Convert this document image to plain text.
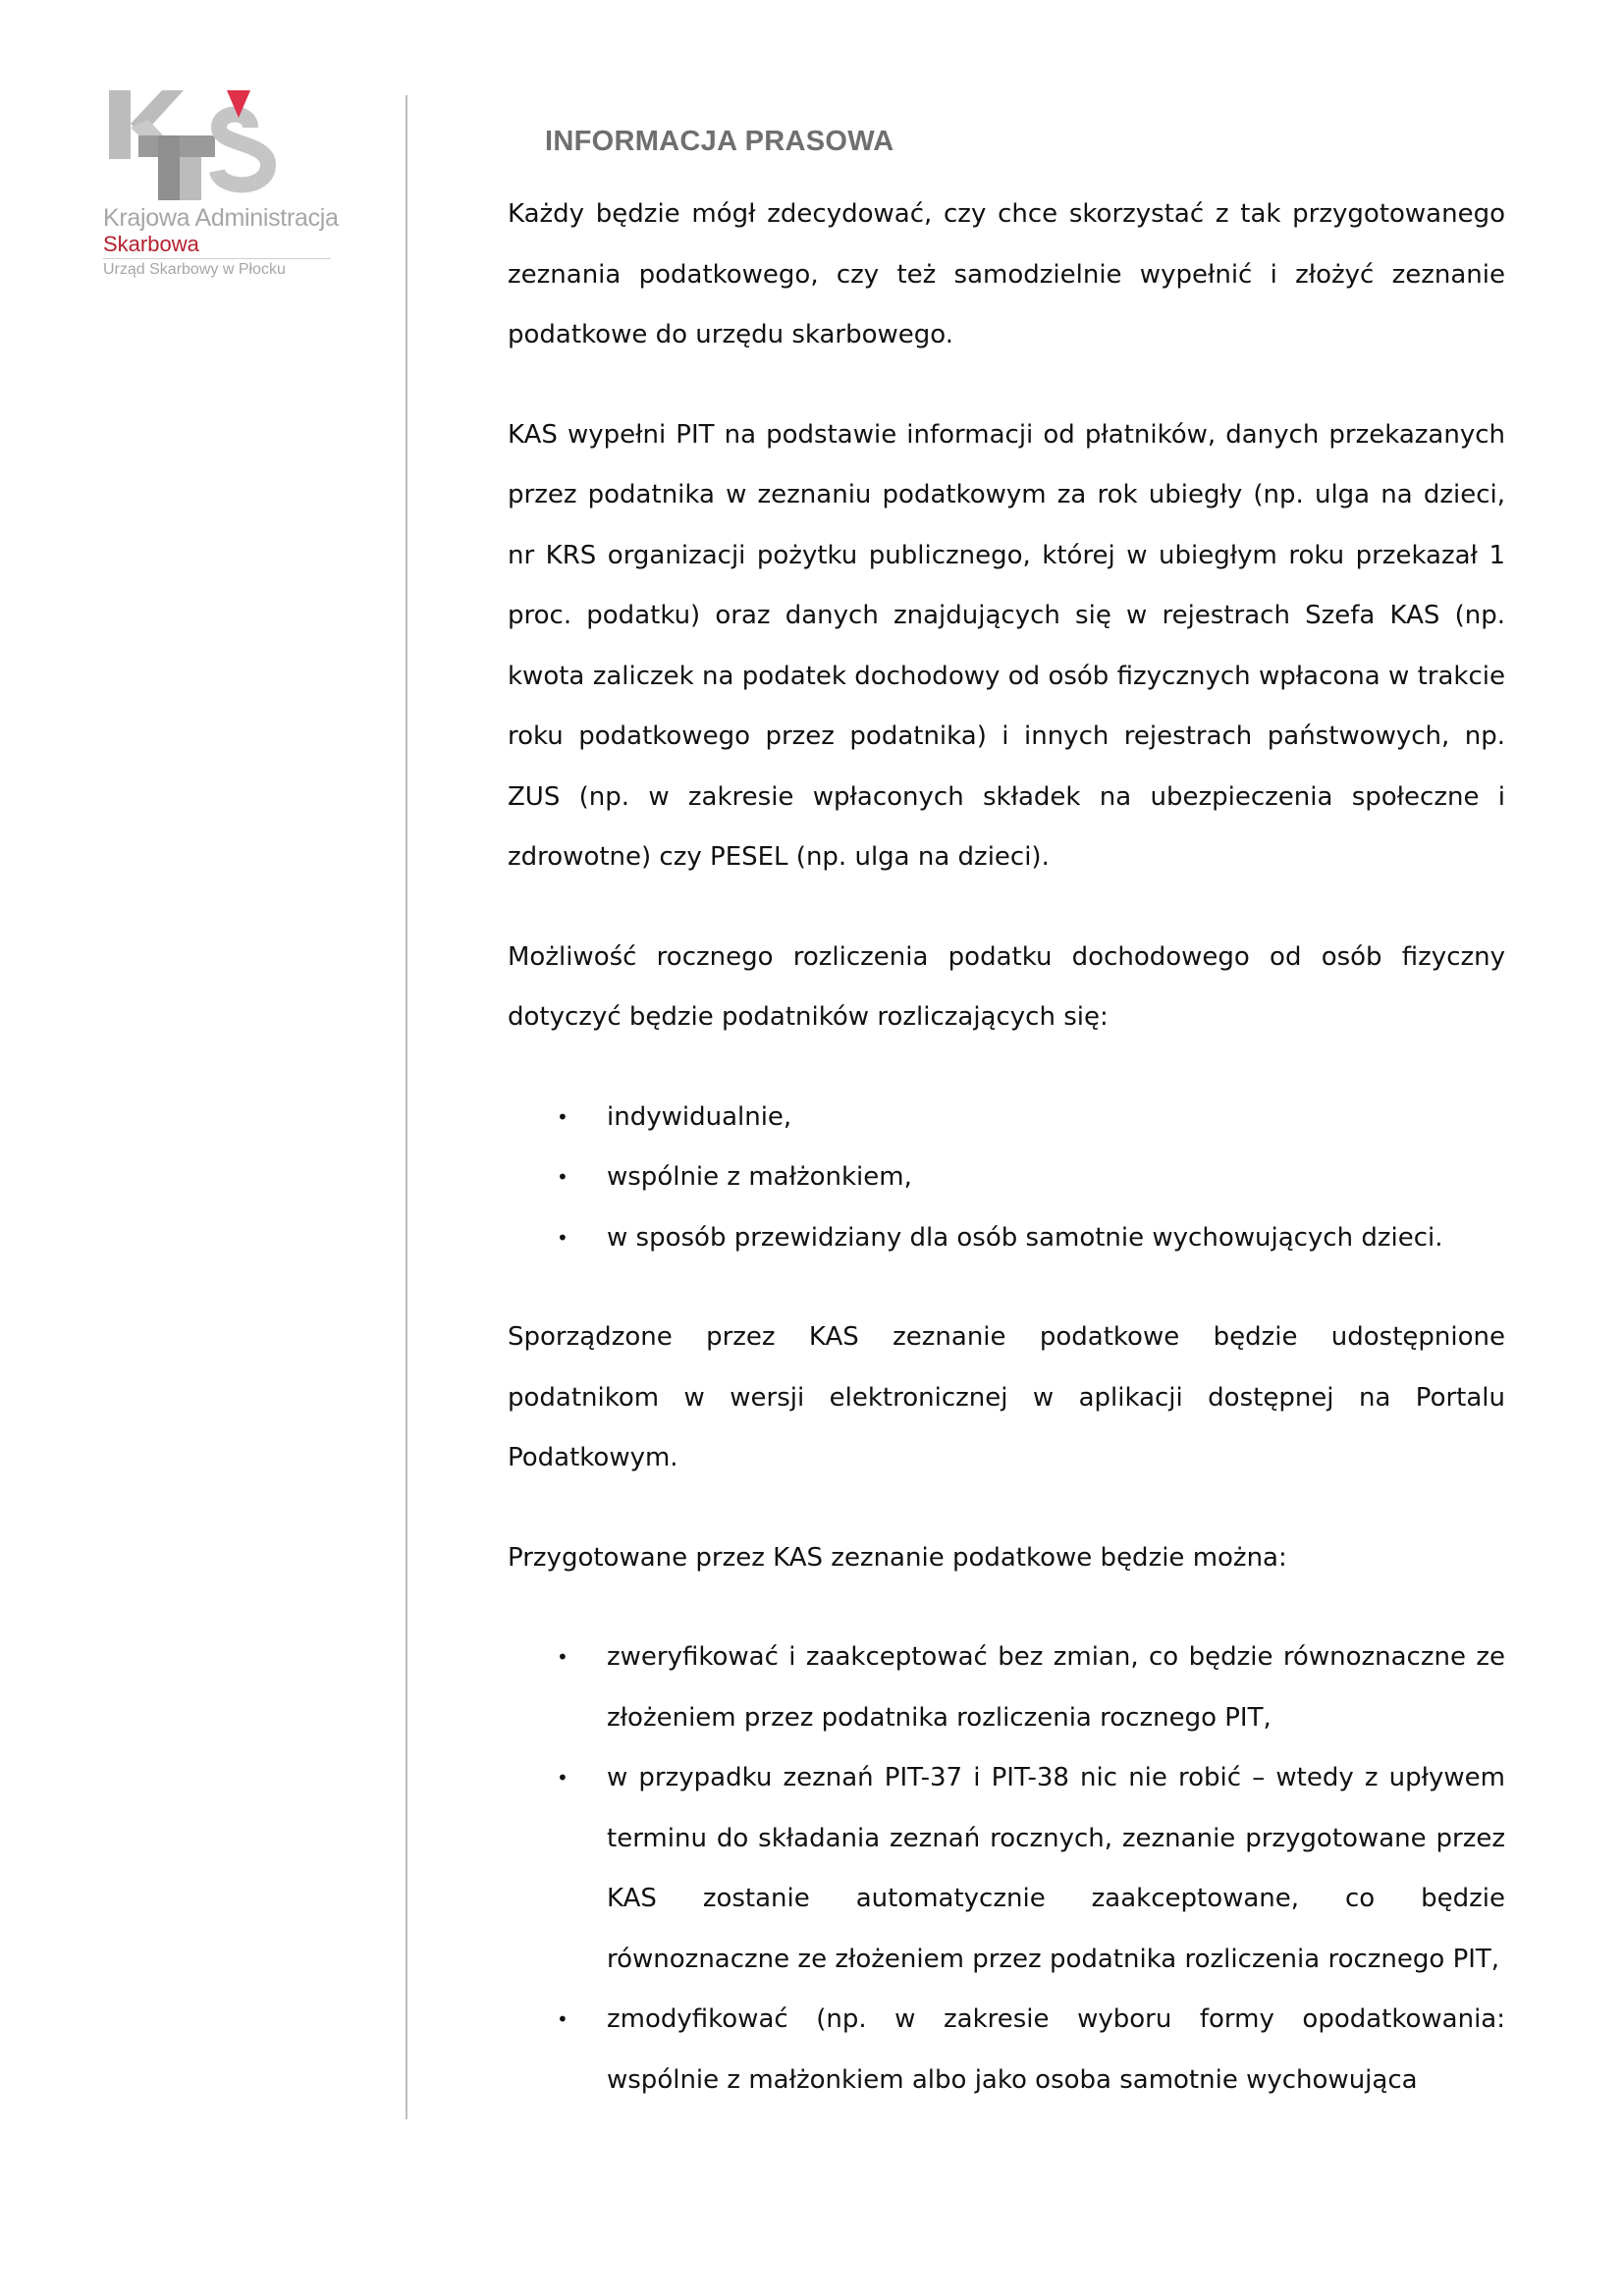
Krajowa Administracja
Skarbowa
Urząd Skarbowy w Płocku
INFORMACJA PRASOWA

Każdy będzie mógł zdecydować, czy chce skorzystać z tak przygotowanego zeznania podatkowego, czy też samodzielnie wypełnić i złożyć zeznanie podatkowe do urzędu skarbowego.

KAS wypełni PIT na podstawie informacji od płatników, danych przekazanych przez podatnika w zeznaniu podatkowym za rok ubiegły (np. ulga na dzieci, nr KRS organizacji pożytku publicznego, której w ubiegłym roku przekazał 1 proc. podatku) oraz danych znajdujących się w rejestrach Szefa KAS (np. kwota zaliczek na podatek dochodowy od osób fizycznych wpłacona w trakcie roku podatkowego przez podatnika) i innych rejestrach państwowych, np. ZUS (np. w zakresie wpłaconych składek na ubezpieczenia społeczne i zdrowotne) czy PESEL (np. ulga na dzieci).

Możliwość rocznego rozliczenia podatku dochodowego od osób fizyczny dotyczyć będzie podatników rozliczających się:

•	indywidualnie,
•	wspólnie z małżonkiem,
•	w sposób przewidziany dla osób samotnie wychowujących dzieci.

Sporządzone przez KAS zeznanie podatkowe będzie udostępnione podatnikom w wersji elektronicznej w aplikacji dostępnej na Portalu Podatkowym.

Przygotowane przez KAS zeznanie podatkowe będzie można:

•	zweryfikować i zaakceptować bez zmian, co będzie równoznaczne ze złożeniem przez podatnika rozliczenia rocznego PIT,
•	w przypadku zeznań PIT-37 i PIT-38 nic nie robić – wtedy z upływem terminu do składania zeznań rocznych, zeznanie przygotowane przez KAS zostanie automatycznie zaakceptowane, co będzie równoznaczne ze złożeniem przez podatnika rozliczenia rocznego PIT,
•	zmodyfikować (np. w zakresie wyboru formy opodatkowania: wspólnie z małżonkiem albo jako osoba samotnie wychowująca
